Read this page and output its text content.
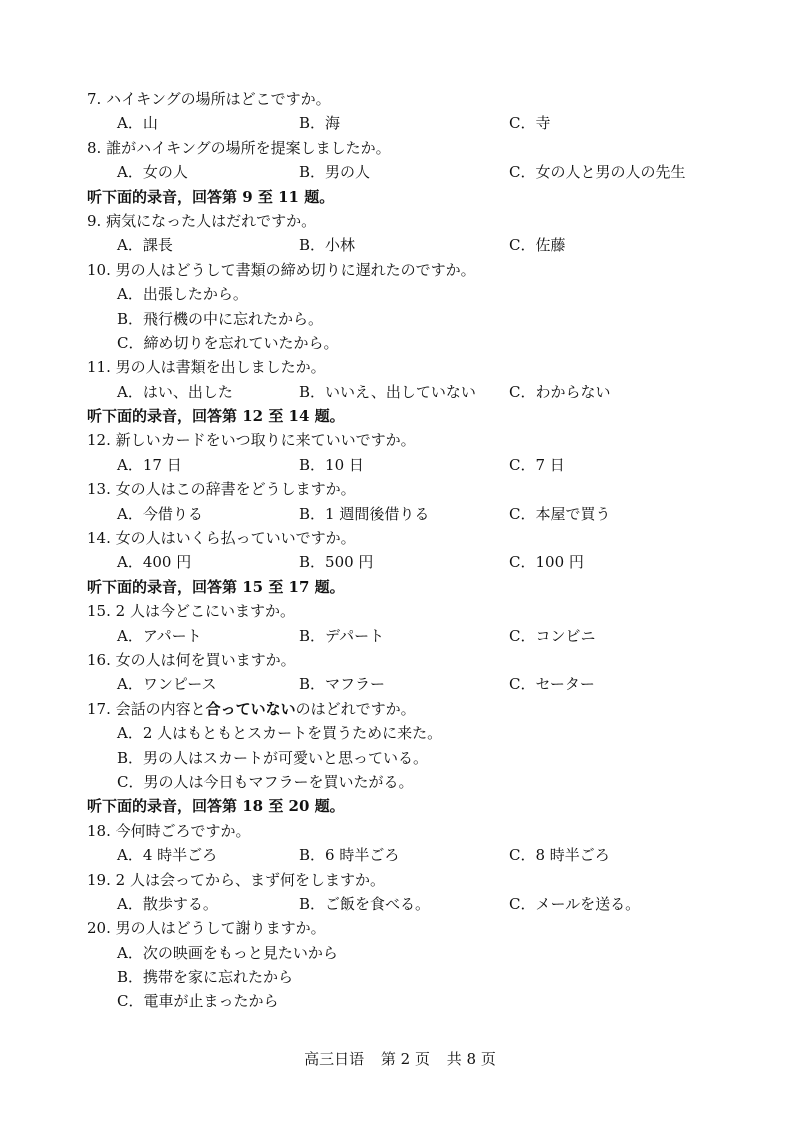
7. ハイキングの場所はどこですか。
A．山	B．海	C．寺
8. 誰がハイキングの場所を提案しましたか。
A．女の人	B．男の人	C．女の人と男の人の先生
听下面的录音，回答第 9 至 11 题。
9. 病気になった人はだれですか。
A．課長	B．小林	C．佐藤
10. 男の人はどうして書類の締め切りに遅れたのですか。
A．出張したから。
B．飛行機の中に忘れたから。
C．締め切りを忘れていたから。
11. 男の人は書類を出しましたか。
A．はい、出した	B．いいえ、出していない C．わからない
听下面的录音，回答第 12 至 14 题。
12. 新しいカードをいつ取りに来ていいですか。
A．17 日	B．10 日	C．7 日
13. 女の人はこの辞書をどうしますか。
A．今借りる	B．1 週間後借りる	C．本屋で買う
14. 女の人はいくら払っていいですか。
A．400 円	B．500 円	C．100 円
听下面的录音，回答第 15 至 17 题。
15. 2 人は今どこにいますか。
A．アパート	B．デパート	C．コンビニ
16. 女の人は何を買いますか。
A．ワンピース	B．マフラー	C．セーター
17. 会話の内容と合っていないのはどれですか。
A．2 人はもともとスカートを買うために来た。
B．男の人はスカートが可愛いと思っている。
C．男の人は今日もマフラーを買いたがる。
听下面的录音，回答第 18 至 20 题。
18. 今何時ごろですか。
A．4 時半ごろ	B．6 時半ごろ	C．8 時半ごろ
19. 2 人は会ってから、まず何をしますか。
A．散歩する。	B．ご飯を食べる。	C．メールを送る。
20. 男の人はどうして謝りますか。
A．次の映画をもっと見たいから
B．携帯を家に忘れたから
C．電車が止まったから
高三日语 第 2 页 共 8 页
